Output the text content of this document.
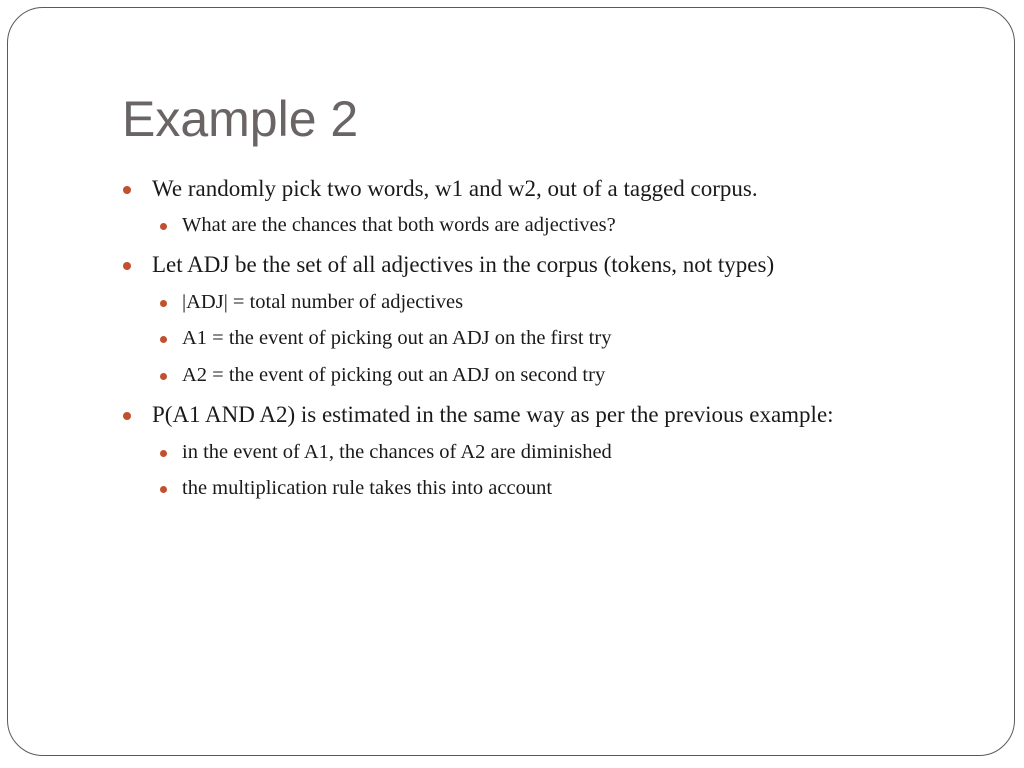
Example 2
We randomly pick two words, w1 and w2, out of a tagged corpus.
What are the chances that both words are adjectives?
Let ADJ be the set of all adjectives in the corpus (tokens, not types)
|ADJ| = total number of adjectives
A1 = the event of picking out an ADJ on the first try
A2 = the event of picking out an ADJ on second try
P(A1 AND A2) is estimated in the same way as per the previous example:
in the event of A1, the chances of A2 are diminished
the multiplication rule takes this into account
